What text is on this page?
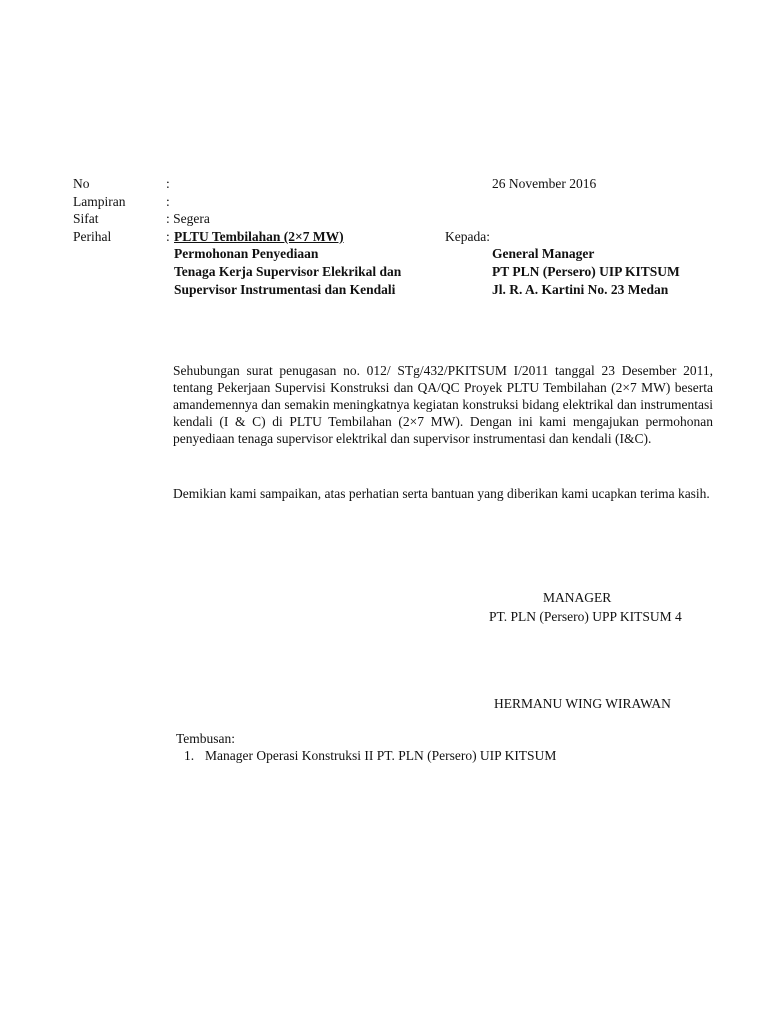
No	:
Lampiran	:
Sifat	: Segera
Perihal	: PLTU Tembilahan (2×7 MW)
Permohonan Penyediaan
Tenaga Kerja Supervisor Elekrikal dan
Supervisor Instrumentasi dan Kendali
26 November 2016
Kepada:
General Manager
PT PLN (Persero) UIP KITSUM
Jl. R. A. Kartini No. 23 Medan

Sehubungan surat penugasan no. 012/ STg/432/PKITSUM I/2011 tanggal 23 Desember 2011, tentang Pekerjaan Supervisi Konstruksi dan QA/QC Proyek PLTU Tembilahan (2×7 MW) beserta amandemennya dan semakin meningkatnya kegiatan konstruksi bidang elektrikal dan instrumentasi kendali (I & C) di PLTU Tembilahan (2×7 MW). Dengan ini kami mengajukan permohonan penyediaan tenaga supervisor elektrikal dan supervisor instrumentasi dan kendali (I&C).

Demikian kami sampaikan, atas perhatian serta bantuan yang diberikan kami ucapkan terima kasih.

MANAGER
PT. PLN (Persero) UPP KITSUM 4
HERMANU WING WIRAWAN
Tembusan:
1. Manager Operasi Konstruksi II PT. PLN (Persero) UIP KITSUM
